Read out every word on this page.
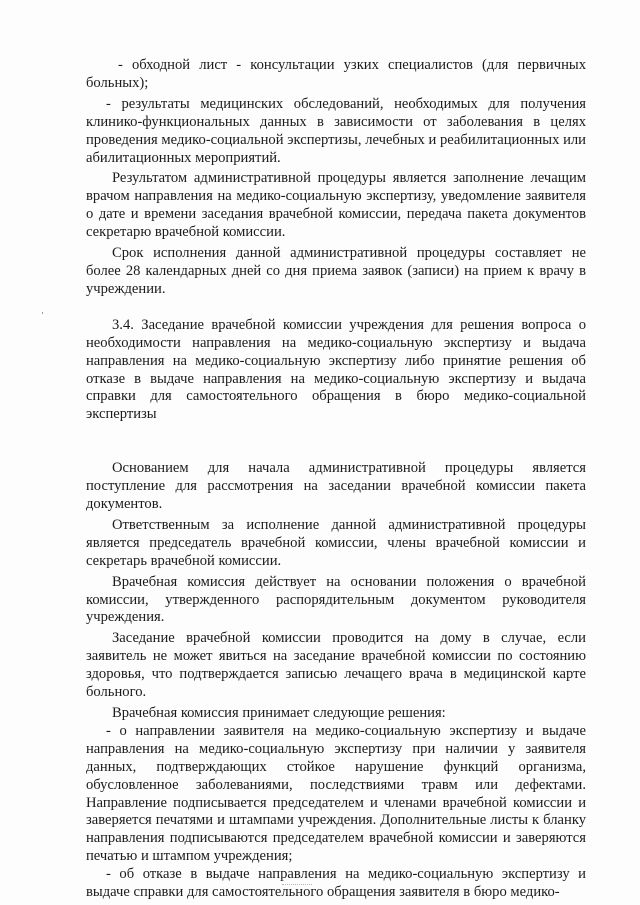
- обходной лист - консультации узких специалистов (для первичных больных);

- результаты медицинских обследований, необходимых для получения клинико-функциональных данных в зависимости от заболевания в целях проведения медико-социальной экспертизы, лечебных и реабилитационных или абилитационных мероприятий.

Результатом административной процедуры является заполнение лечащим врачом направления на медико-социальную экспертизу, уведомление заявителя о дате и времени заседания врачебной комиссии, передача пакета документов секретарю врачебной комиссии.

Срок исполнения данной административной процедуры составляет не более 28 календарных дней со дня приема заявок (записи) на прием к врачу в учреждении.

3.4. Заседание врачебной комиссии учреждения для решения вопроса о необходимости направления на медико-социальную экспертизу и выдача направления на медико-социальную экспертизу либо принятие решения об отказе в выдаче направления на медико-социальную экспертизу и выдача справки для самостоятельного обращения в бюро медико-социальной экспертизы

Основанием для начала административной процедуры является поступление для рассмотрения на заседании врачебной комиссии пакета документов.

Ответственным за исполнение данной административной процедуры является председатель врачебной комиссии, члены врачебной комиссии и секретарь врачебной комиссии.

Врачебная комиссия действует на основании положения о врачебной комиссии, утвержденного распорядительным документом руководителя учреждения.

Заседание врачебной комиссии проводится на дому в случае, если заявитель не может явиться на заседание врачебной комиссии по состоянию здоровья, что подтверждается записью лечащего врача в медицинской карте больного.

Врачебная комиссия принимает следующие решения:

- о направлении заявителя на медико-социальную экспертизу и выдаче направления на медико-социальную экспертизу при наличии у заявителя данных, подтверждающих стойкое нарушение функций организма, обусловленное заболеваниями, последствиями травм или дефектами. Направление подписывается председателем и членами врачебной комиссии и заверяется печатями и штампами учреждения. Дополнительные листы к бланку направления подписываются председателем врачебной комиссии и заверяются печатью и штампом учреждения;

- об отказе в выдаче направления на медико-социальную экспертизу и выдаче справки для самостоятельного обращения заявителя в бюро медико-
